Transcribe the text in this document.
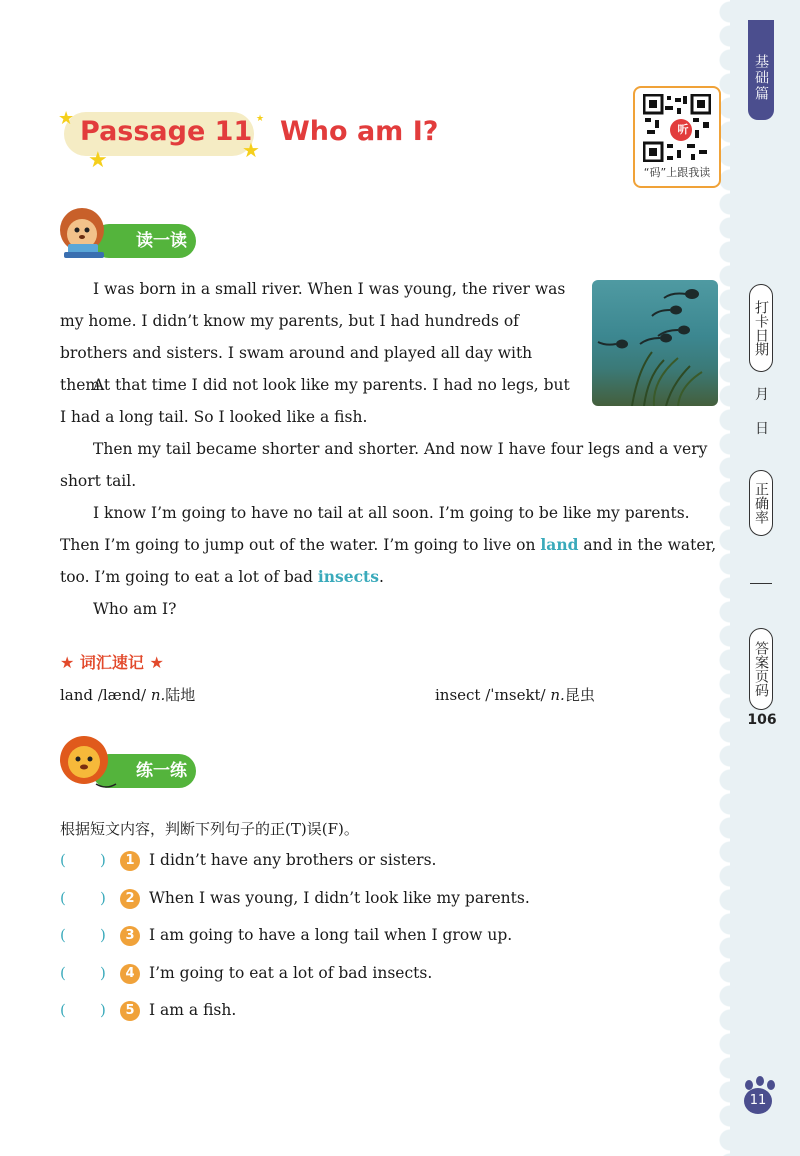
基础篇
打卡日期
月
日
正确率
答案页码
106
11
★
★	★
★
Passage 11 Who am I?	听
“码”上跟我读
读一读
I was born in a small river. When I was young, the river was my home. I didn’t know my parents, but I had hundreds of brothers and sisters. I swam around and played all day with them.
At that time I did not look like my parents. I had no legs, but I had a long tail. So I looked like a fish.
Then my tail became shorter and shorter. And now I have four legs and a very short tail.
I know I’m going to have no tail at all soon. I’m going to be like my parents. Then I’m going to jump out of the water. I’m going to live on land and in the water, too. I’m going to eat a lot of bad insects.
Who am I?
★ 词汇速记 ★
land /lænd/ n.陆地	insect /ˈɪnsekt/ n.昆虫
练一练
根据短文内容，判断下列句子的正(T)误(F)。
( )	1 I didn’t have any brothers or sisters.
( )	2 When I was young, I didn’t look like my parents.
( )	3 I am going to have a long tail when I grow up.
( )	4 I’m going to eat a lot of bad insects.
( )	5 I am a fish.
